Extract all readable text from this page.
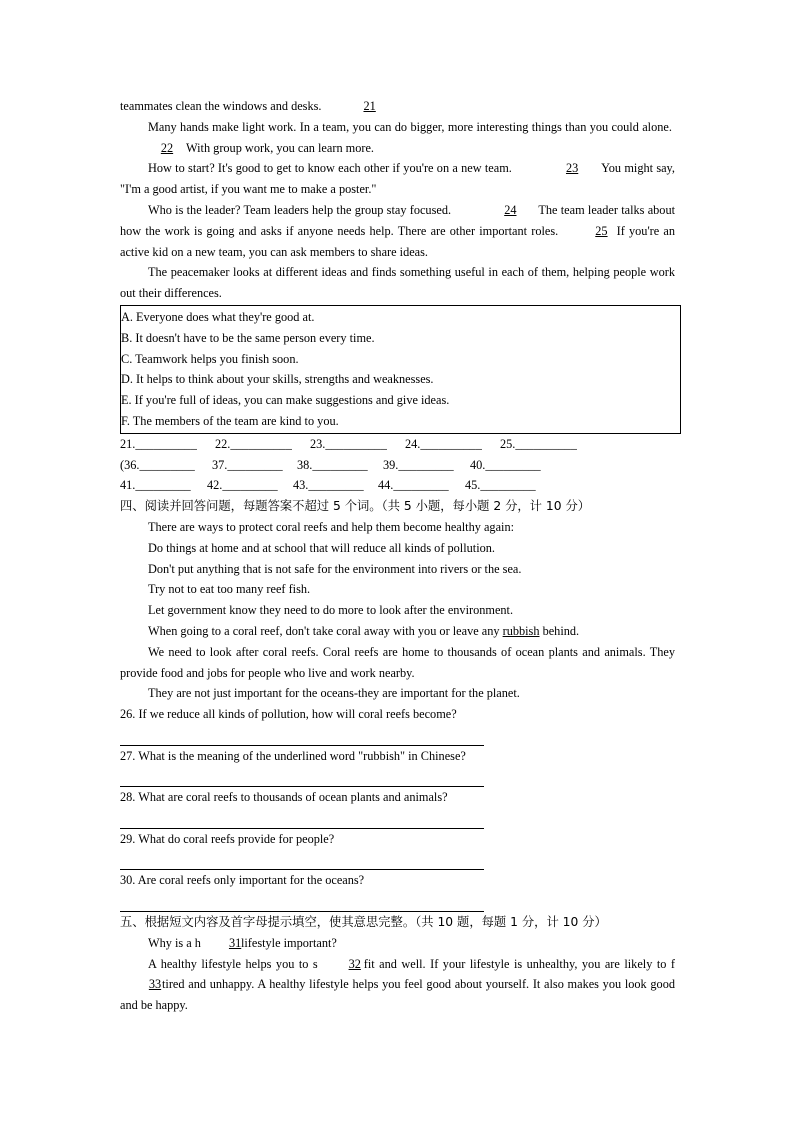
teammates clean the windows and desks.	21

Many hands make light work. In a team, you can do bigger, more interesting things than you could alone. 22 With group work, you can learn more.

How to start? It's good to get to know each other if you're on a new team.	23 You might say, "I'm a good artist, if you want me to make a poster."

Who is the leader? Team leaders help the group stay focused.	24 The team leader talks about how the work is going and asks if anyone needs help. There are other important roles.	25 If you're an active kid on a new team, you can ask members to share ideas.

The peacemaker looks at different ideas and finds something useful in each of them, helping people work out their differences.

A. Everyone does what they're good at.

B. It doesn't have to be the same person every time.

C. Teamwork helps you finish soon.

D. It helps to think about your skills, strengths and weaknesses.

E. If you're full of ideas, you can make suggestions and give ideas.

F. The members of the team are kind to you.

21.__________ 22.__________ 23.__________ 24.__________ 25.__________

(36._________ 37._________ 38._________ 39._________ 40._________

41._________ 42._________ 43._________ 44._________ 45._________

四、阅读并回答问题，每题答案不超过 5 个词。（共 5 小题，每小题 2 分，计 10 分）

There are ways to protect coral reefs and help them become healthy again:

Do things at home and at school that will reduce all kinds of pollution.

Don't put anything that is not safe for the environment into rivers or the sea.

Try not to eat too many reef fish.

Let government know they need to do more to look after the environment.

When going to a coral reef, don't take coral away with you or leave any rubbish behind.

We need to look after coral reefs. Coral reefs are home to thousands of ocean plants and animals. They provide food and jobs for people who live and work nearby.

They are not just important for the oceans-they are important for the planet.

26. If we reduce all kinds of pollution, how will coral reefs become?

27. What is the meaning of the underlined word "rubbish" in Chinese?

28. What are coral reefs to thousands of ocean plants and animals?

29. What do coral reefs provide for people?

30. Are coral reefs only important for the oceans?

五、根据短文内容及首字母提示填空，使其意思完整。（共 10 题，每题 1 分，计 10 分）

Why is a h 31lifestyle important?

A healthy lifestyle helps you to s	32 fit and well. If your lifestyle is unhealthy, you are likely to f33tired and unhappy. A healthy lifestyle helps you feel good about yourself. It also makes you look good and be happy.
